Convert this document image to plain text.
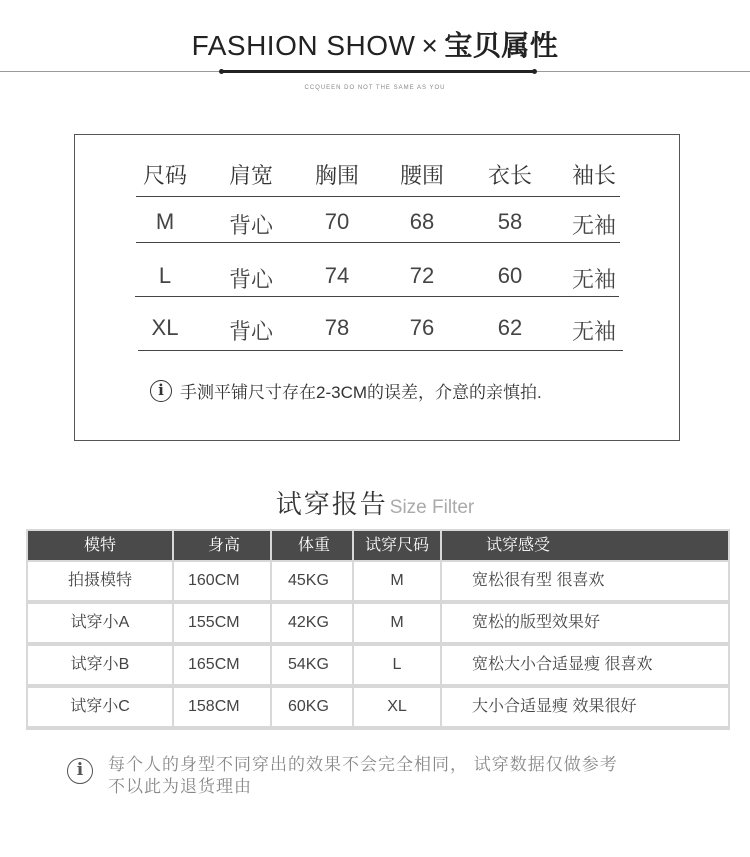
FASHION SHOW × 宝贝属性
CCQUEEN DO NOT THE SAME AS YOU
尺码	肩宽	胸围	腰围	衣长	袖长
M	背心	70	68	58	无袖
L	背心	74	72	60	无袖
XL	背心	78	76	62	无袖
i 手测平铺尺寸存在2-3CM的误差，介意的亲慎拍.
试穿报告 Size Filter
模特	身高	体重	试穿尺码	试穿感受
拍摄模特	160CM	45KG	M	宽松很有型 很喜欢
试穿小A	155CM	42KG	M	宽松的版型效果好
试穿小B	165CM	54KG	L	宽松大小合适显瘦 很喜欢
试穿小C	158CM	60KG	XL	大小合适显瘦 效果很好
i	每个人的身型不同穿出的效果不会完全相同， 试穿数据仅做参考
不以此为退货理由
